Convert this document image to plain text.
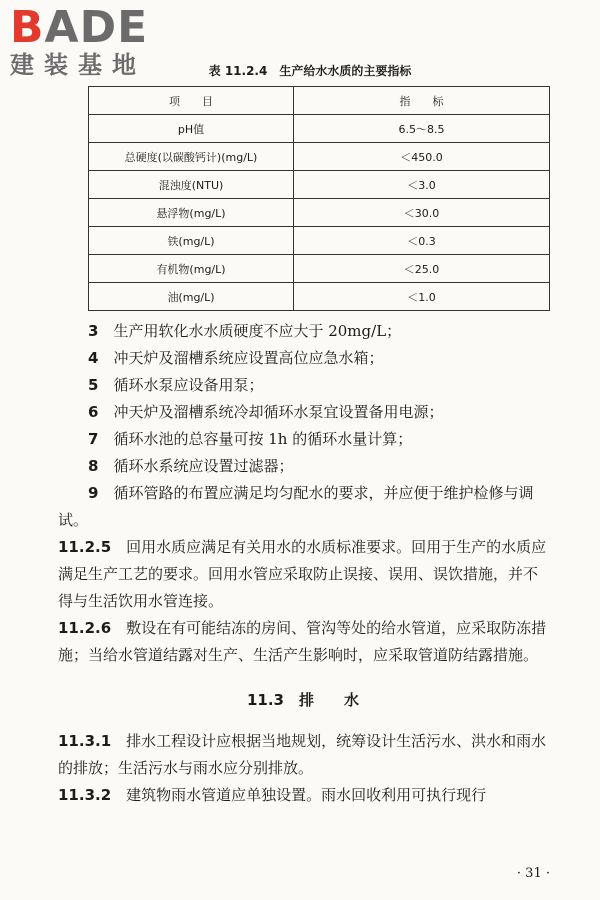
BADE
建装基地	表 11.2.4　生产给水水质的主要指标
项　　目	指　　标
pH值	6.5～8.5
总硬度(以碳酸钙计)(mg/L)	＜450.0
混浊度(NTU)	＜3.0
悬浮物(mg/L)	＜30.0
铁(mg/L)	＜0.3
有机物(mg/L)	＜25.0
油(mg/L)	＜1.0

3　 生产用软化水水质硬度不应大于 20mg/L；

4　 冲天炉及溜槽系统应设置高位应急水箱；

5　 循环水泵应设备用泵；

6　 冲天炉及溜槽系统冷却循环水泵宜设置备用电源；

7　 循环水池的总容量可按 1h 的循环水量计算；

8　 循环水系统应设置过滤器；

9　 循环管路的布置应满足均匀配水的要求，并应便于维护检修与调试。

11.2.5　 回用水质应满足有关用水的水质标准要求。回用于生产的水质应满足生产工艺的要求。回用水管应采取防止误接、误用、误饮措施，并不得与生活饮用水管连接。

11.2.6　 敷设在有可能结冻的房间、管沟等处的给水管道，应采取防冻措施；当给水管道结露对生产、生活产生影响时，应采取管道防结露措施。

11.3　 排　　水

11.3.1　 排水工程设计应根据当地规划，统筹设计生活污水、洪水和雨水的排放；生活污水与雨水应分别排放。

11.3.2　 建筑物雨水管道应单独设置。雨水回收利用可执行现行

· 31 ·
